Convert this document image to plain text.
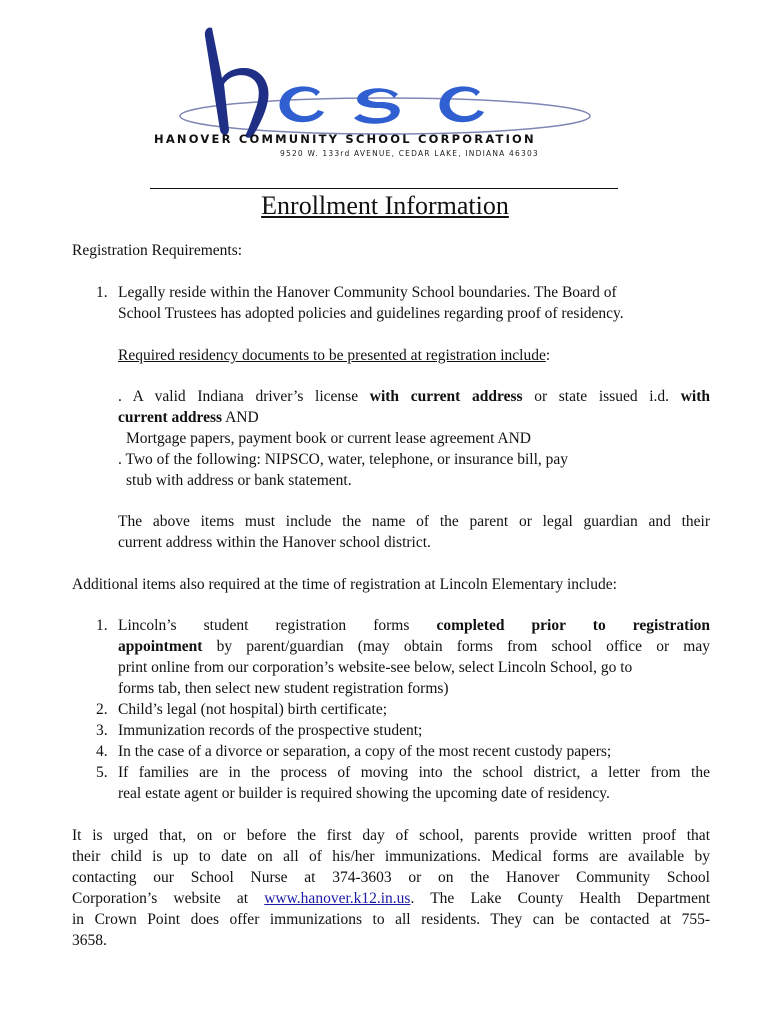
HANOVER COMMUNITY SCHOOL CORPORATION
9520 W. 133rd AVENUE, CEDAR LAKE, INDIANA 46303
Enrollment Information
Registration Requirements:
1. Legally reside within the Hanover Community School boundaries. The Board of
School Trustees has adopted policies and guidelines regarding proof of residency.
Required residency documents to be presented at registration include:
. A valid Indiana driver’s license with current address or state issued i.d. with
current address AND
Mortgage papers, payment book or current lease agreement AND
. Two of the following: NIPSCO, water, telephone, or insurance bill, pay
stub with address or bank statement.
The above items must include the name of the parent or legal guardian and their
current address within the Hanover school district.
Additional items also required at the time of registration at Lincoln Elementary include:
1. Lincoln’s student registration forms completed prior to registration
appointment by parent/guardian (may obtain forms from school office or may
print online from our corporation’s website-see below, select Lincoln School, go to
forms tab, then select new student registration forms)
2. Child’s legal (not hospital) birth certificate;
3. Immunization records of the prospective student;
4. In the case of a divorce or separation, a copy of the most recent custody papers;
5. If families are in the process of moving into the school district, a letter from the
real estate agent or builder is required showing the upcoming date of residency.
It is urged that, on or before the first day of school, parents provide written proof that
their child is up to date on all of his/her immunizations. Medical forms are available by
contacting our School Nurse at 374-3603 or on the Hanover Community School
Corporation’s website at www.hanover.k12.in.us. The Lake County Health Department
in Crown Point does offer immunizations to all residents. They can be contacted at 755-
3658.
